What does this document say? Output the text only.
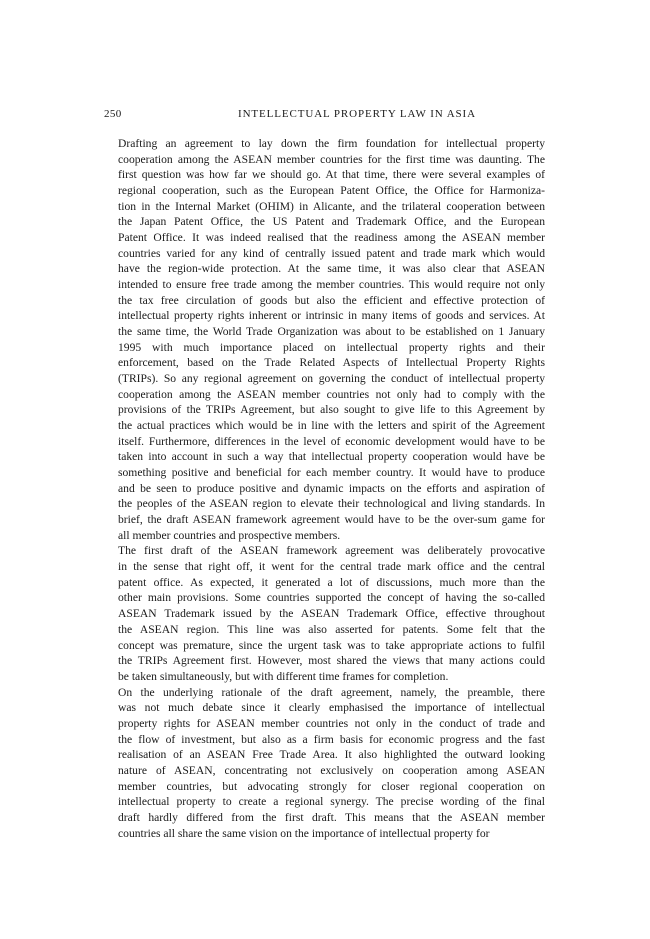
250	INTELLECTUAL PROPERTY LAW IN ASIA

Drafting an agreement to lay down the firm foundation for intellectual property
cooperation among the ASEAN member countries for the first time was daunting. The
first question was how far we should go. At that time, there were several examples of
regional cooperation, such as the European Patent Office, the Office for Harmoniza-
tion in the Internal Market (OHIM) in Alicante, and the trilateral cooperation between
the Japan Patent Office, the US Patent and Trademark Office, and the European
Patent Office. It was indeed realised that the readiness among the ASEAN member
countries varied for any kind of centrally issued patent and trade mark which would
have the region-wide protection. At the same time, it was also clear that ASEAN
intended to ensure free trade among the member countries. This would require not only
the tax free circulation of goods but also the efficient and effective protection of
intellectual property rights inherent or intrinsic in many items of goods and services. At
the same time, the World Trade Organization was about to be established on 1 January
1995 with much importance placed on intellectual property rights and their
enforcement, based on the Trade Related Aspects of Intellectual Property Rights
(TRIPs). So any regional agreement on governing the conduct of intellectual property
cooperation among the ASEAN member countries not only had to comply with the
provisions of the TRIPs Agreement, but also sought to give life to this Agreement by
the actual practices which would be in line with the letters and spirit of the Agreement
itself. Furthermore, differences in the level of economic development would have to be
taken into account in such a way that intellectual property cooperation would have be
something positive and beneficial for each member country. It would have to produce
and be seen to produce positive and dynamic impacts on the efforts and aspiration of
the peoples of the ASEAN region to elevate their technological and living standards. In
brief, the draft ASEAN framework agreement would have to be the over-sum game for
all member countries and prospective members.

The first draft of the ASEAN framework agreement was deliberately provocative
in the sense that right off, it went for the central trade mark office and the central
patent office. As expected, it generated a lot of discussions, much more than the
other main provisions. Some countries supported the concept of having the so-called
ASEAN Trademark issued by the ASEAN Trademark Office, effective throughout
the ASEAN region. This line was also asserted for patents. Some felt that the
concept was premature, since the urgent task was to take appropriate actions to fulfil
the TRIPs Agreement first. However, most shared the views that many actions could
be taken simultaneously, but with different time frames for completion.

On the underlying rationale of the draft agreement, namely, the preamble, there
was not much debate since it clearly emphasised the importance of intellectual
property rights for ASEAN member countries not only in the conduct of trade and
the flow of investment, but also as a firm basis for economic progress and the fast
realisation of an ASEAN Free Trade Area. It also highlighted the outward looking
nature of ASEAN, concentrating not exclusively on cooperation among ASEAN
member countries, but advocating strongly for closer regional cooperation on
intellectual property to create a regional synergy. The precise wording of the final
draft hardly differed from the first draft. This means that the ASEAN member
countries all share the same vision on the importance of intellectual property for
